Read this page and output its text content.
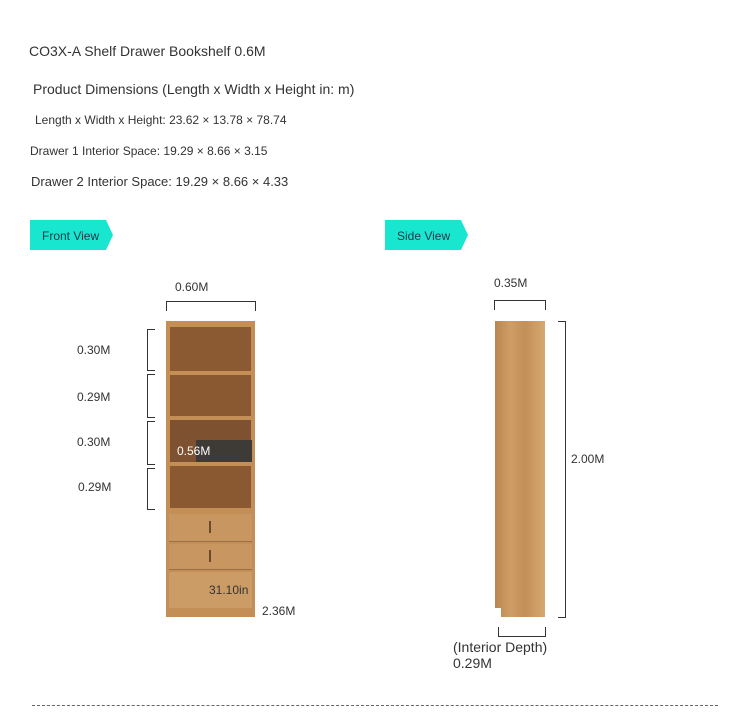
CO3X-A Shelf Drawer Bookshelf 0.6M
Product Dimensions (Length x Width x Height in: m)
Length x Width x Height: 23.62 × 13.78 × 78.74
Drawer 1 Interior Space: 19.29 × 8.66 × 3.15
Drawer 2 Interior Space: 19.29 × 8.66 × 4.33
Front View	Side View
0.60M
0.30M
0.29M
0.30M
0.29M
0.56M
31.10in
2.36M
0.35M
2.00M
(Interior Depth)
0.29M
